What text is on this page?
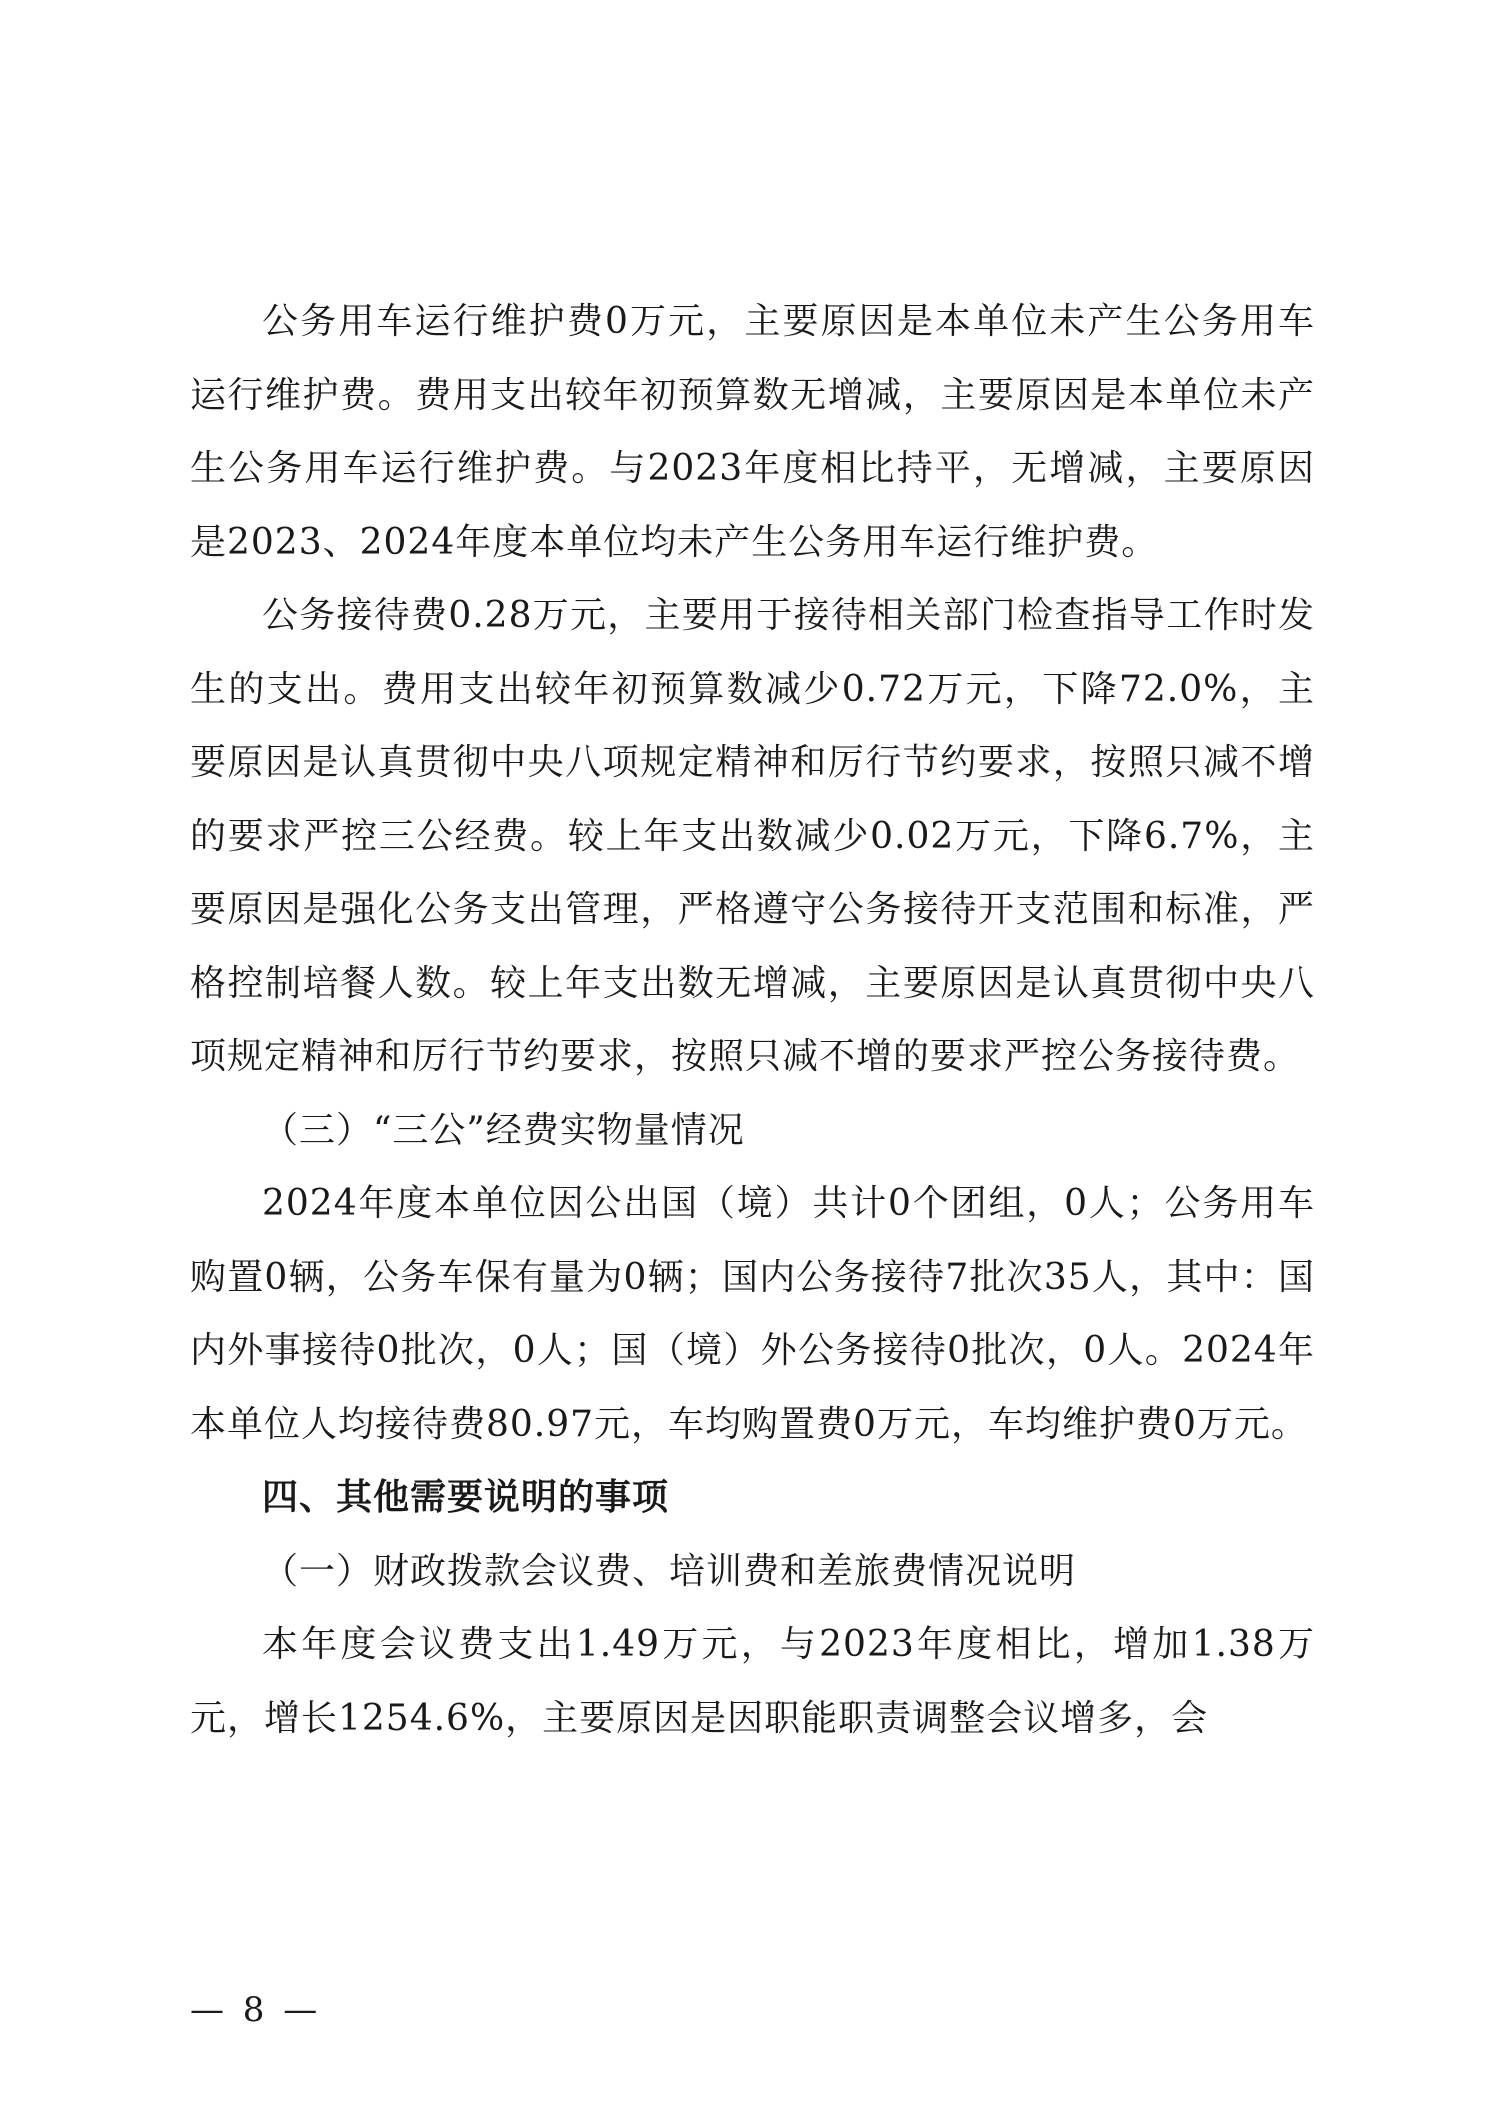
公务用车运行维护费0万元，主要原因是本单位未产生公务用车运行维护费。费用支出较年初预算数无增减，主要原因是本单位未产生公务用车运行维护费。与2023年度相比持平，无增减，主要原因是2023、2024年度本单位均未产生公务用车运行维护费。

公务接待费0.28万元，主要用于接待相关部门检查指导工作时发生的支出。费用支出较年初预算数减少0.72万元，下降72.0%，主要原因是认真贯彻中央八项规定精神和厉行节约要求，按照只减不增的要求严控三公经费。较上年支出数减少0.02万元，下降6.7%，主要原因是强化公务支出管理，严格遵守公务接待开支范围和标准，严格控制培餐人数。较上年支出数无增减，主要原因是认真贯彻中央八项规定精神和厉行节约要求，按照只减不增的要求严控公务接待费。

（三）“三公”经费实物量情况

2024年度本单位因公出国（境）共计0个团组，0人；公务用车购置0辆，公务车保有量为0辆；国内公务接待7批次35人，其中：国内外事接待0批次，0人；国（境）外公务接待0批次，0人。2024年本单位人均接待费80.97元，车均购置费0万元，车均维护费0万元。

四、其他需要说明的事项

（一）财政拨款会议费、培训费和差旅费情况说明

本年度会议费支出1.49万元，与2023年度相比，增加1.38万元，增长1254.6%，主要原因是因职能职责调整会议增多，会

— 8 —
